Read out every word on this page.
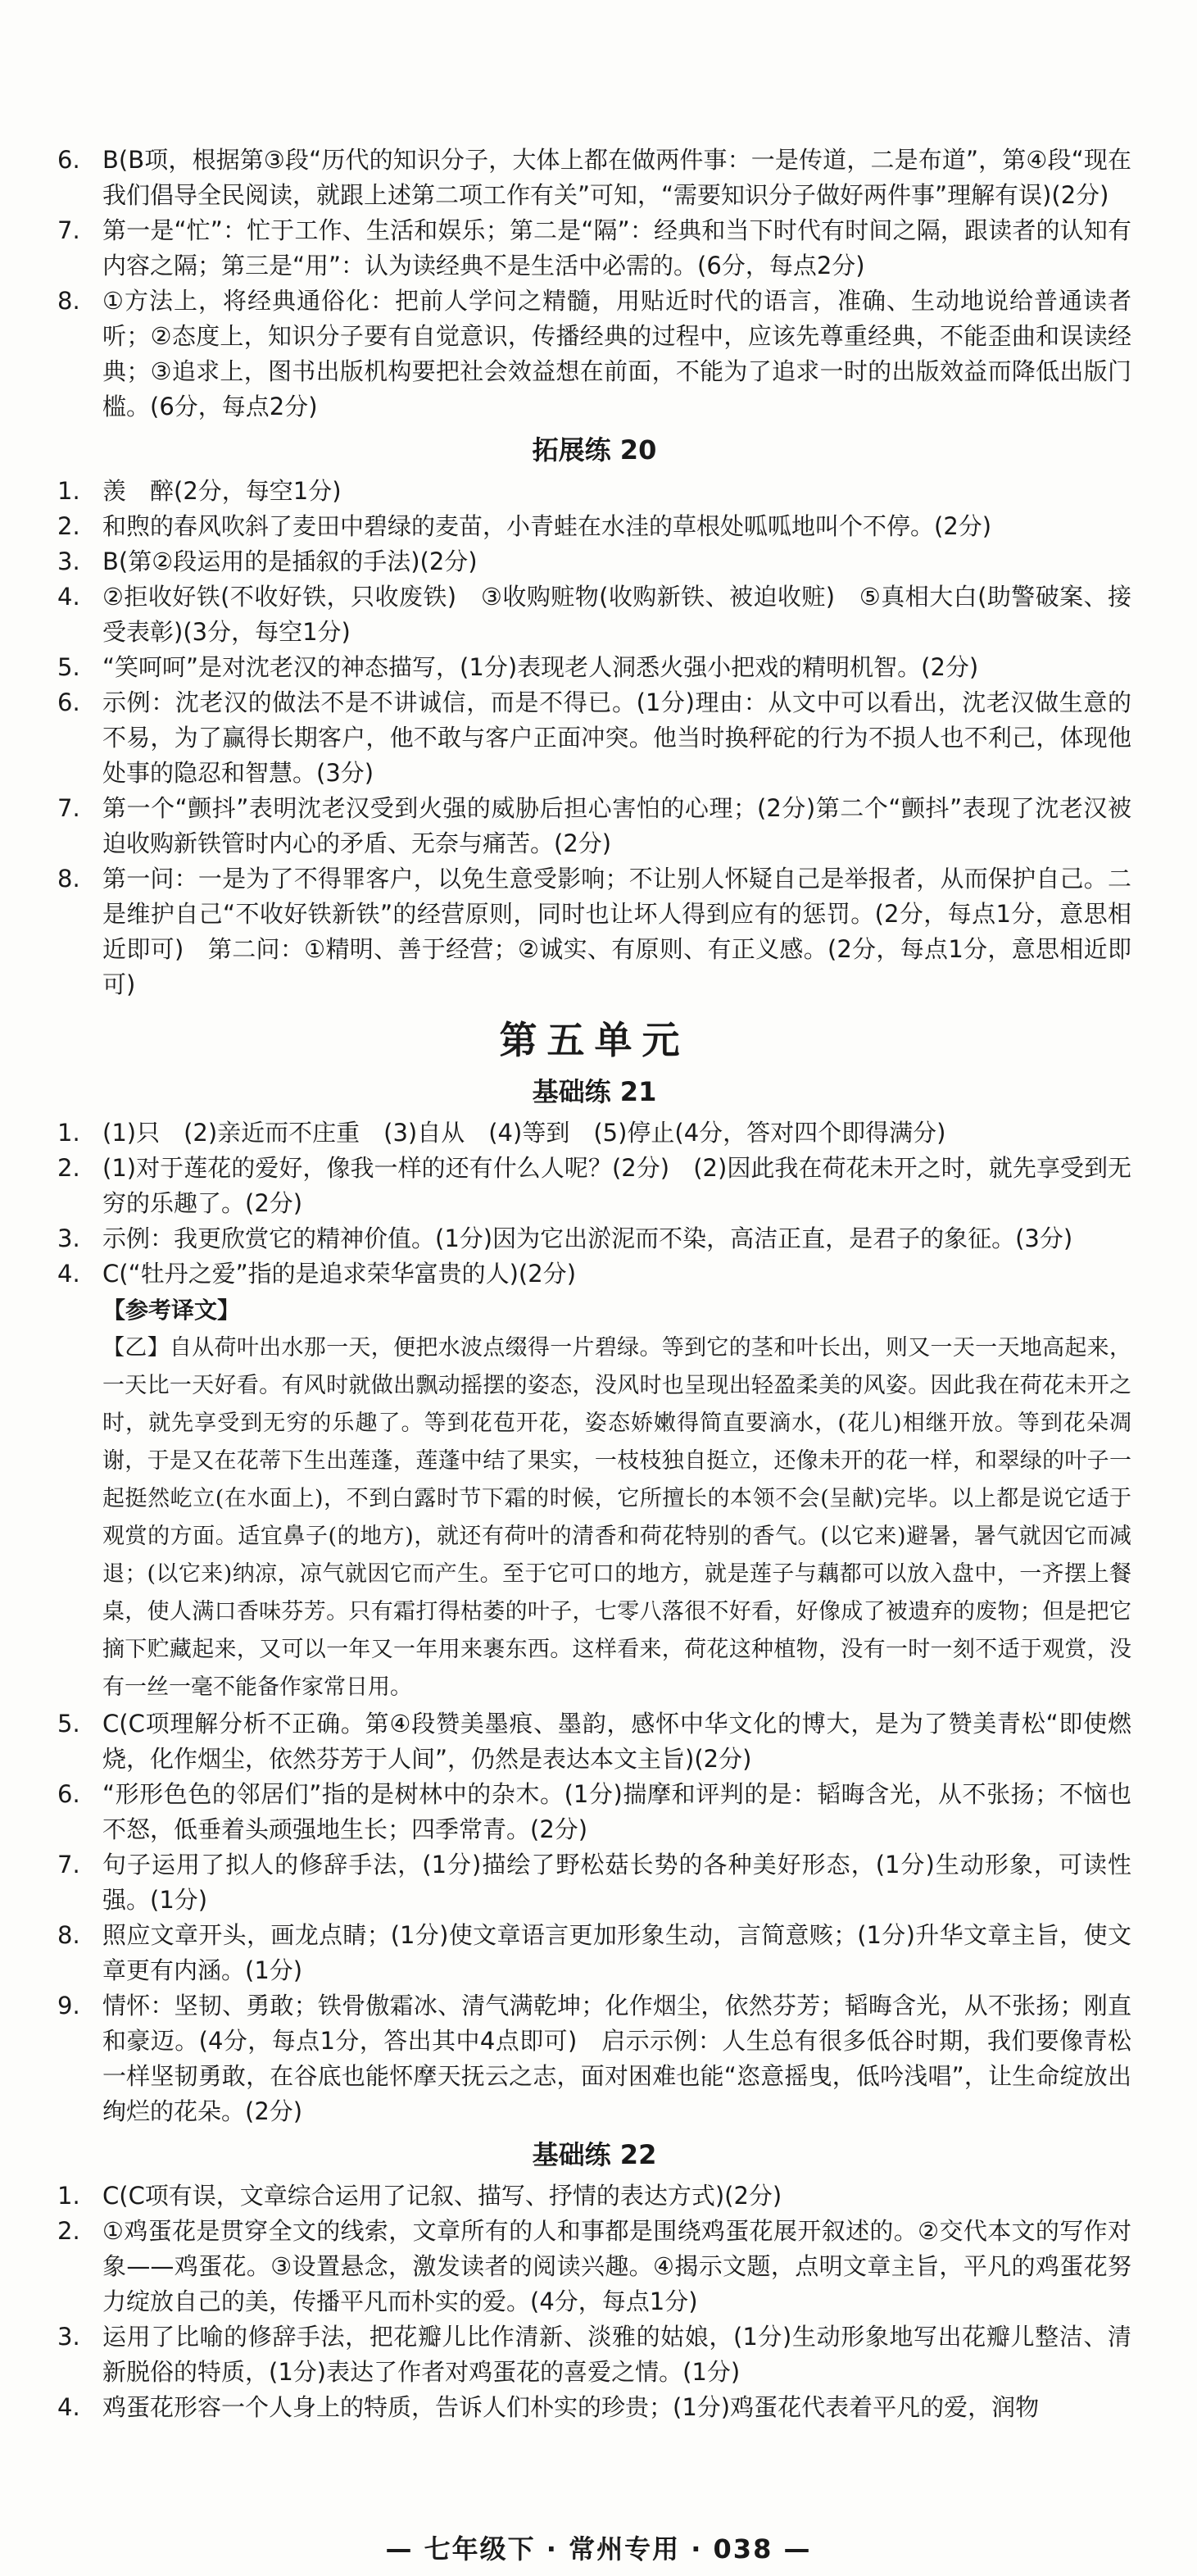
6. B(B项，根据第③段“历代的知识分子，大体上都在做两件事：一是传道，二是布道”，第④段“现在我们倡导全民阅读，就跟上述第二项工作有关”可知，“需要知识分子做好两件事”理解有误)(2分)
7. 第一是“忙”：忙于工作、生活和娱乐；第二是“隔”：经典和当下时代有时间之隔，跟读者的认知有内容之隔；第三是“用”：认为读经典不是生活中必需的。(6分，每点2分)
8. ①方法上，将经典通俗化：把前人学问之精髓，用贴近时代的语言，准确、生动地说给普通读者听；②态度上，知识分子要有自觉意识，传播经典的过程中，应该先尊重经典，不能歪曲和误读经典；③追求上，图书出版机构要把社会效益想在前面，不能为了追求一时的出版效益而降低出版门槛。(6分，每点2分)
拓展练 20
1. 羡　醉(2分，每空1分)
2. 和煦的春风吹斜了麦田中碧绿的麦苗，小青蛙在水洼的草根处呱呱地叫个不停。(2分)
3. B(第②段运用的是插叙的手法)(2分)
4. ②拒收好铁(不收好铁，只收废铁)　③收购赃物(收购新铁、被迫收赃)　⑤真相大白(助警破案、接受表彰)(3分，每空1分)
5. “笑呵呵”是对沈老汉的神态描写，(1分)表现老人洞悉火强小把戏的精明机智。(2分)
6. 示例：沈老汉的做法不是不讲诚信，而是不得已。(1分)理由：从文中可以看出，沈老汉做生意的不易，为了赢得长期客户，他不敢与客户正面冲突。他当时换秤砣的行为不损人也不利己，体现他处事的隐忍和智慧。(3分)
7. 第一个“颤抖”表明沈老汉受到火强的威胁后担心害怕的心理；(2分)第二个“颤抖”表现了沈老汉被迫收购新铁管时内心的矛盾、无奈与痛苦。(2分)
8. 第一问：一是为了不得罪客户，以免生意受影响；不让别人怀疑自己是举报者，从而保护自己。二是维护自己“不收好铁新铁”的经营原则，同时也让坏人得到应有的惩罚。(2分，每点1分，意思相近即可)　第二问：①精明、善于经营；②诚实、有原则、有正义感。(2分，每点1分，意思相近即可)
第五单元
基础练 21
1. (1)只　(2)亲近而不庄重　(3)自从　(4)等到　(5)停止(4分，答对四个即得满分)
2. (1)对于莲花的爱好，像我一样的还有什么人呢？(2分)　(2)因此我在荷花未开之时，就先享受到无穷的乐趣了。(2分)
3. 示例：我更欣赏它的精神价值。(1分)因为它出淤泥而不染，高洁正直，是君子的象征。(3分)
4. C(“牡丹之爱”指的是追求荣华富贵的人)(2分)
【参考译文】
【乙】自从荷叶出水那一天，便把水波点缀得一片碧绿。等到它的茎和叶长出，则又一天一天地高起来，一天比一天好看。有风时就做出飘动摇摆的姿态，没风时也呈现出轻盈柔美的风姿。因此我在荷花未开之时，就先享受到无穷的乐趣了。等到花苞开花，姿态娇嫩得简直要滴水，(花儿)相继开放。等到花朵凋谢，于是又在花蒂下生出莲蓬，莲蓬中结了果实，一枝枝独自挺立，还像未开的花一样，和翠绿的叶子一起挺然屹立(在水面上)，不到白露时节下霜的时候，它所擅长的本领不会(呈献)完毕。以上都是说它适于观赏的方面。适宜鼻子(的地方)，就还有荷叶的清香和荷花特别的香气。(以它来)避暑，暑气就因它而减退；(以它来)纳凉，凉气就因它而产生。至于它可口的地方，就是莲子与藕都可以放入盘中，一齐摆上餐桌，使人满口香味芬芳。只有霜打得枯萎的叶子，七零八落很不好看，好像成了被遗弃的废物；但是把它摘下贮藏起来，又可以一年又一年用来裹东西。这样看来，荷花这种植物，没有一时一刻不适于观赏，没有一丝一毫不能备作家常日用。
5. C(C项理解分析不正确。第④段赞美墨痕、墨韵，感怀中华文化的博大，是为了赞美青松“即使燃烧，化作烟尘，依然芬芳于人间”，仍然是表达本文主旨)(2分)
6. “形形色色的邻居们”指的是树林中的杂木。(1分)揣摩和评判的是：韬晦含光，从不张扬；不恼也不怒，低垂着头顽强地生长；四季常青。(2分)
7. 句子运用了拟人的修辞手法，(1分)描绘了野松菇长势的各种美好形态，(1分)生动形象，可读性强。(1分)
8. 照应文章开头，画龙点睛；(1分)使文章语言更加形象生动，言简意赅；(1分)升华文章主旨，使文章更有内涵。(1分)
9. 情怀：坚韧、勇敢；铁骨傲霜冰、清气满乾坤；化作烟尘，依然芬芳；韬晦含光，从不张扬；刚直和豪迈。(4分，每点1分，答出其中4点即可)　启示示例：人生总有很多低谷时期，我们要像青松一样坚韧勇敢，在谷底也能怀摩天抚云之志，面对困难也能“恣意摇曳，低吟浅唱”，让生命绽放出绚烂的花朵。(2分)
基础练 22
1. C(C项有误，文章综合运用了记叙、描写、抒情的表达方式)(2分)
2. ①鸡蛋花是贯穿全文的线索，文章所有的人和事都是围绕鸡蛋花展开叙述的。②交代本文的写作对象——鸡蛋花。③设置悬念，激发读者的阅读兴趣。④揭示文题，点明文章主旨，平凡的鸡蛋花努力绽放自己的美，传播平凡而朴实的爱。(4分，每点1分)
3. 运用了比喻的修辞手法，把花瓣儿比作清新、淡雅的姑娘，(1分)生动形象地写出花瓣儿整洁、清新脱俗的特质，(1分)表达了作者对鸡蛋花的喜爱之情。(1分)
4. 鸡蛋花形容一个人身上的特质，告诉人们朴实的珍贵；(1分)鸡蛋花代表着平凡的爱，润物
— 七年级下 · 常州专用 · 038 —
